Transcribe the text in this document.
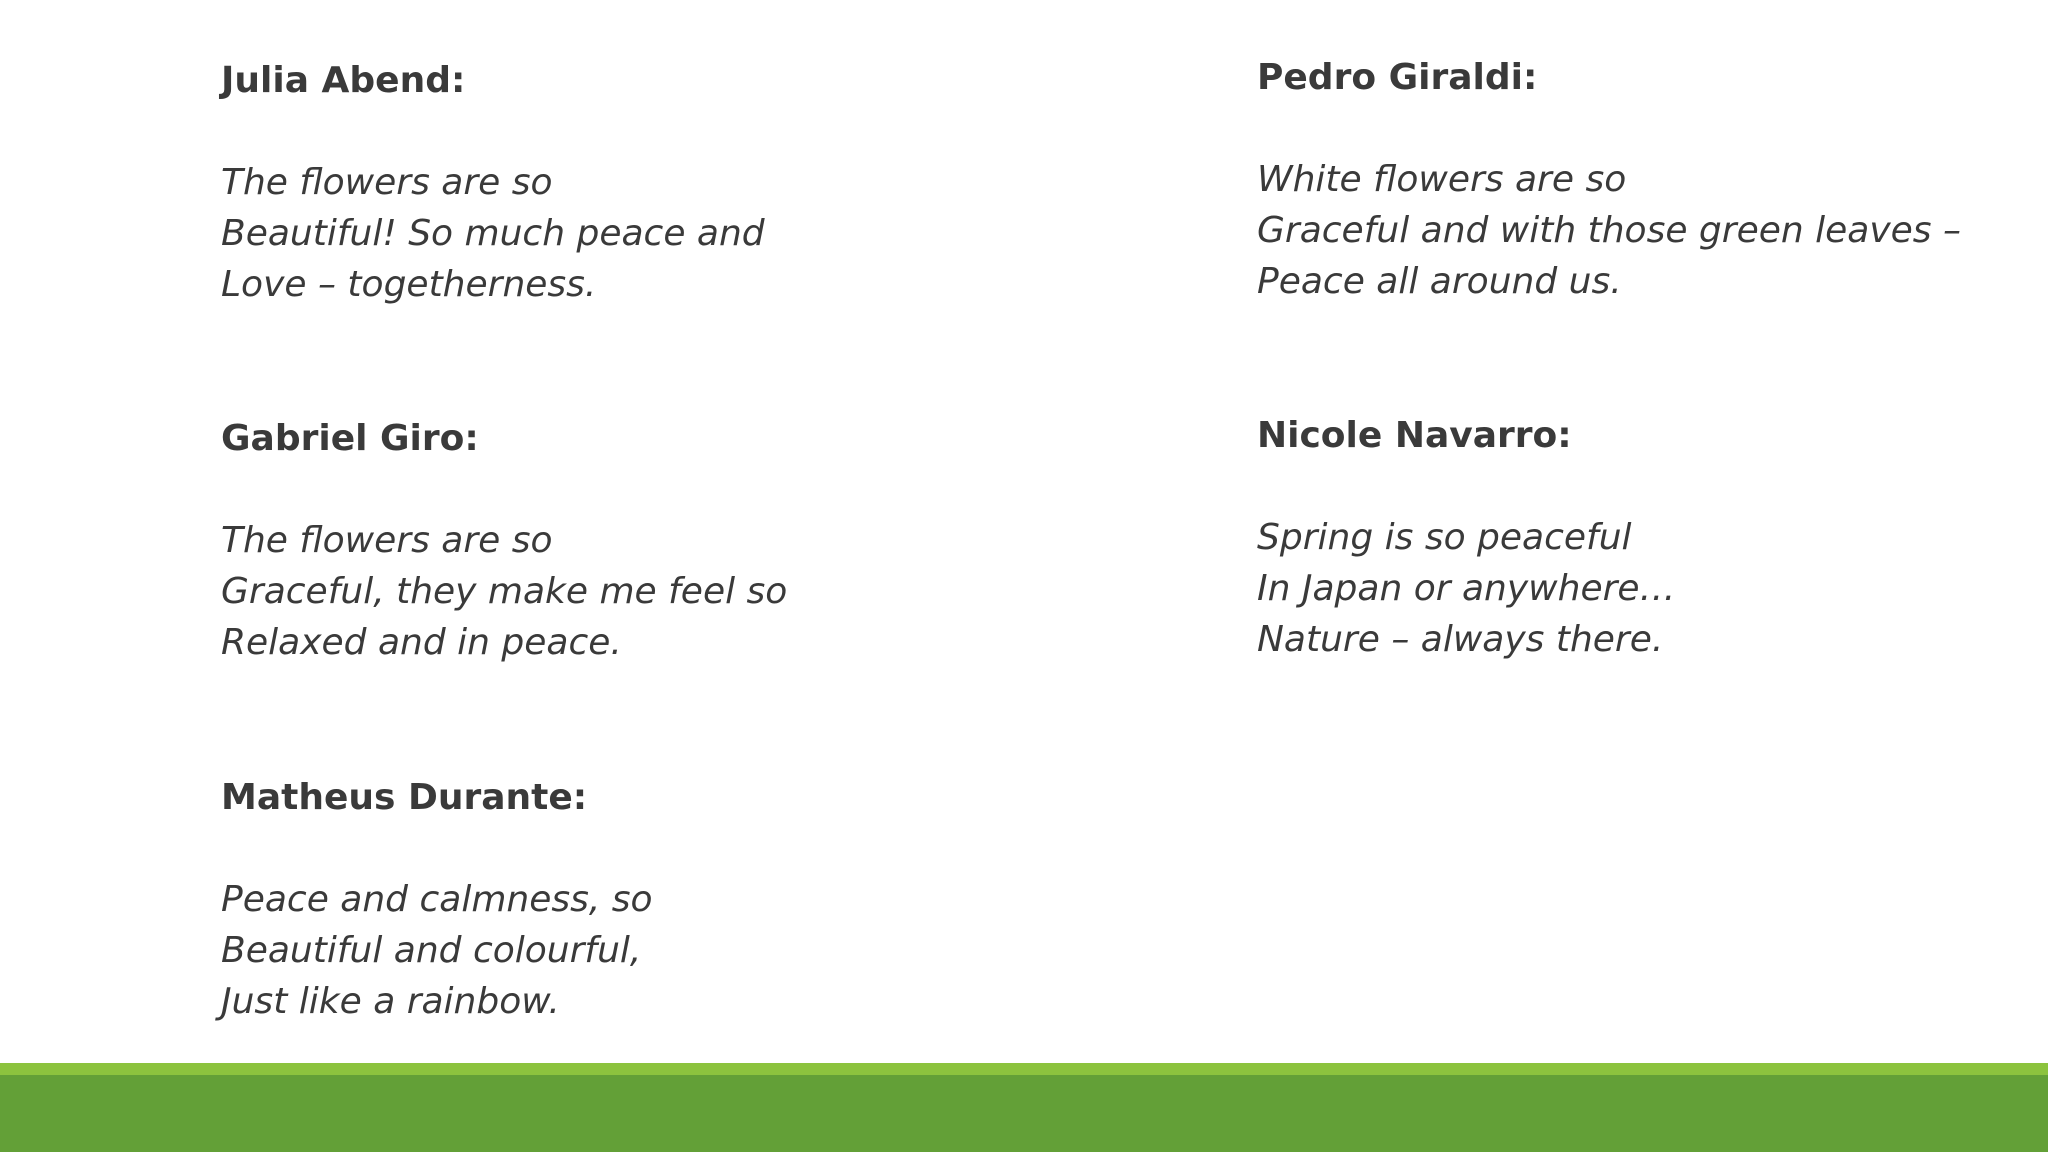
Julia Abend:
The flowers are so
Beautiful! So much peace and
Love – togetherness.
Gabriel Giro:
The flowers are so
Graceful, they make me feel so
Relaxed and in peace.
Matheus Durante:
Peace and calmness, so
Beautiful and colourful,
Just like a rainbow.
Pedro Giraldi:
White flowers are so
Graceful and with those green leaves –
Peace all around us.
Nicole Navarro:
Spring is so peaceful
In Japan or anywhere…
Nature – always there.
